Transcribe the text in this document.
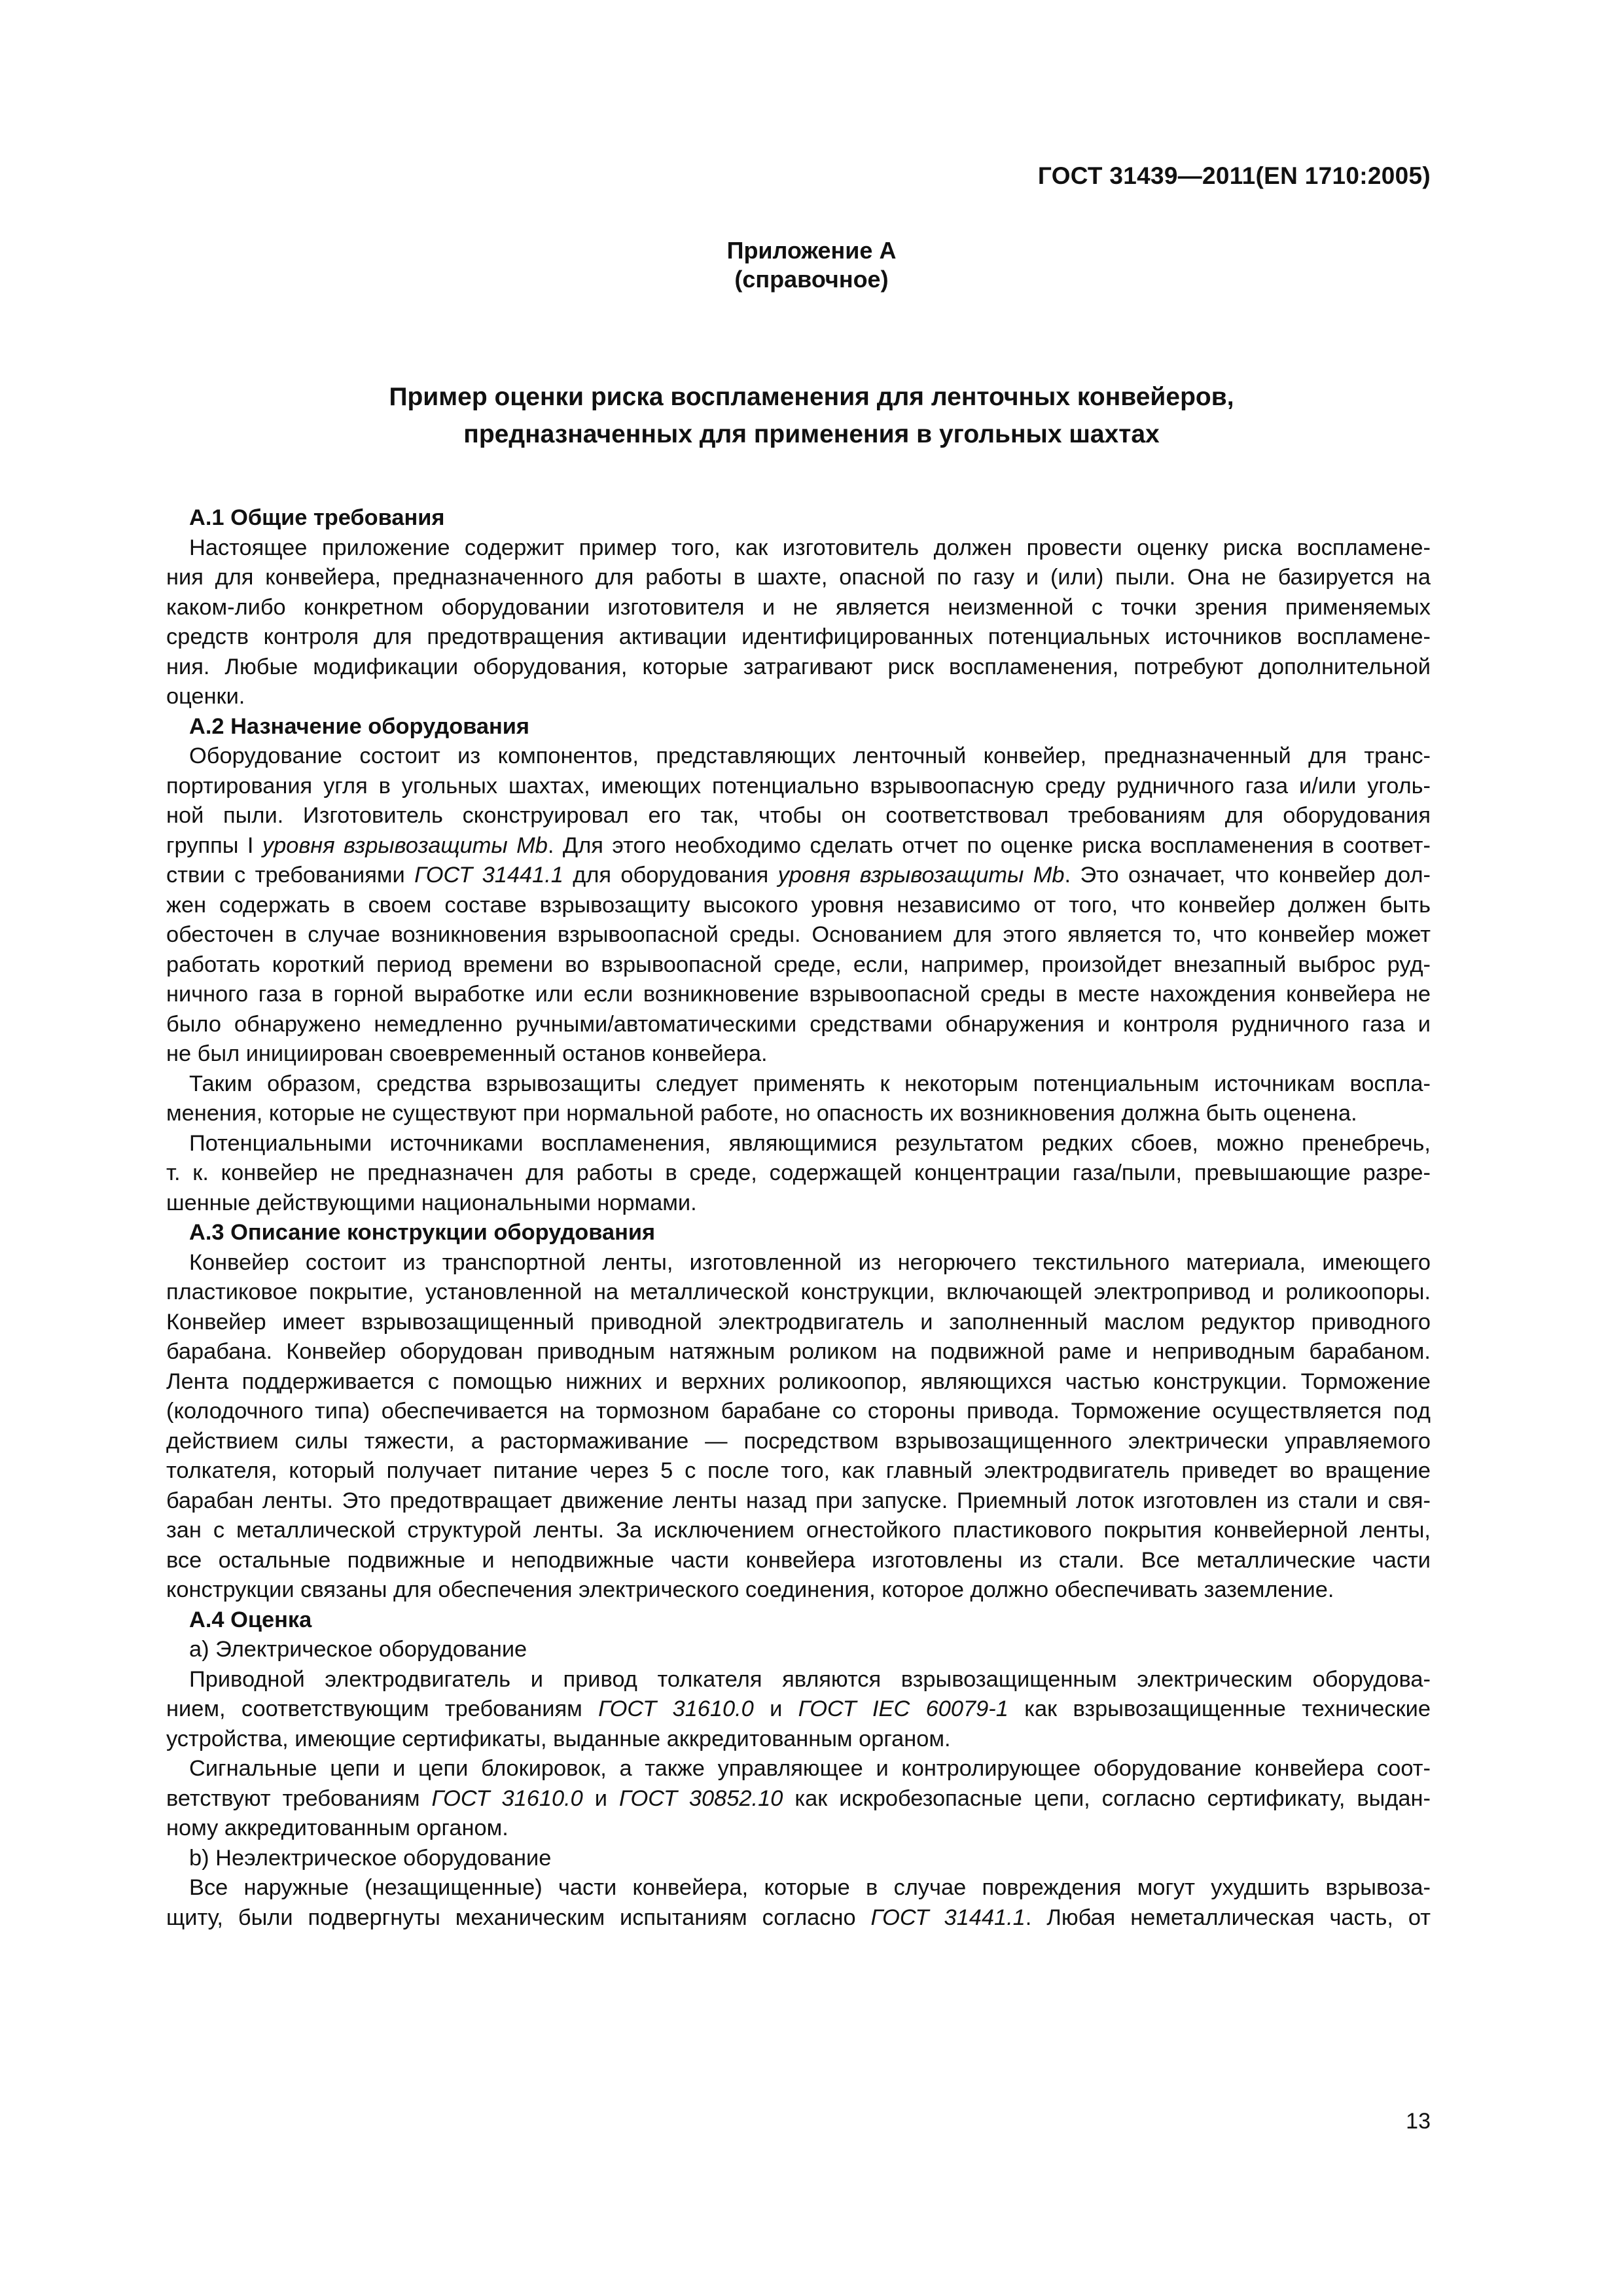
ГОСТ 31439—2011(EN 1710:2005)
Приложение А
(справочное)
Пример оценки риска воспламенения для ленточных конвейеров,
предназначенных для применения в угольных шахтах
А.1 Общие требования
Настоящее приложение содержит пример того, как изготовитель должен провести оценку риска воспламене-
ния для конвейера, предназначенного для работы в шахте, опасной по газу и (или) пыли. Она не базируется на
каком-либо конкретном оборудовании изготовителя и не является неизменной с точки зрения применяемых
средств контроля для предотвращения активации идентифицированных потенциальных источников воспламене-
ния. Любые модификации оборудования, которые затрагивают риск воспламенения, потребуют дополнительной
оценки.
А.2 Назначение оборудования
Оборудование состоит из компонентов, представляющих ленточный конвейер, предназначенный для транс-
портирования угля в угольных шахтах, имеющих потенциально взрывоопасную среду рудничного газа и/или уголь-
ной пыли. Изготовитель сконструировал его так, чтобы он соответствовал требованиям для оборудования
группы I уровня взрывозащиты Mb. Для этого необходимо сделать отчет по оценке риска воспламенения в соответ-
ствии с требованиями ГОСТ 31441.1 для оборудования уровня взрывозащиты Mb. Это означает, что конвейер дол-
жен содержать в своем составе взрывозащиту высокого уровня независимо от того, что конвейер должен быть
обесточен в случае возникновения взрывоопасной среды. Основанием для этого является то, что конвейер может
работать короткий период времени во взрывоопасной среде, если, например, произойдет внезапный выброс руд-
ничного газа в горной выработке или если возникновение взрывоопасной среды в месте нахождения конвейера не
было обнаружено немедленно ручными/автоматическими средствами обнаружения и контроля рудничного газа и
не был инициирован своевременный останов конвейера.
Таким образом, средства взрывозащиты следует применять к некоторым потенциальным источникам воспла-
менения, которые не существуют при нормальной работе, но опасность их возникновения должна быть оценена.
Потенциальными источниками воспламенения, являющимися результатом редких сбоев, можно пренебречь,
т. к. конвейер не предназначен для работы в среде, содержащей концентрации газа/пыли, превышающие разре-
шенные действующими национальными нормами.
А.3 Описание конструкции оборудования
Конвейер состоит из транспортной ленты, изготовленной из негорючего текстильного материала, имеющего
пластиковое покрытие, установленной на металлической конструкции, включающей электропривод и роликоопоры.
Конвейер имеет взрывозащищенный приводной электродвигатель и заполненный маслом редуктор приводного
барабана. Конвейер оборудован приводным натяжным роликом на подвижной раме и неприводным барабаном.
Лента поддерживается с помощью нижних и верхних роликоопор, являющихся частью конструкции. Торможение
(колодочного типа) обеспечивается на тормозном барабане со стороны привода. Торможение осуществляется под
действием силы тяжести, а растормаживание — посредством взрывозащищенного электрически управляемого
толкателя, который получает питание через 5 с после того, как главный электродвигатель приведет во вращение
барабан ленты. Это предотвращает движение ленты назад при запуске. Приемный лоток изготовлен из стали и свя-
зан с металлической структурой ленты. За исключением огнестойкого пластикового покрытия конвейерной ленты,
все остальные подвижные и неподвижные части конвейера изготовлены из стали. Все металлические части
конструкции связаны для обеспечения электрического соединения, которое должно обеспечивать заземление.
А.4 Оценка
a) Электрическое оборудование
Приводной электродвигатель и привод толкателя являются взрывозащищенным электрическим оборудова-
нием, соответствующим требованиям ГОСТ 31610.0 и ГОСТ IEC 60079-1 как взрывозащищенные технические
устройства, имеющие сертификаты, выданные аккредитованным органом.
Сигнальные цепи и цепи блокировок, а также управляющее и контролирующее оборудование конвейера соот-
ветствуют требованиям ГОСТ 31610.0 и ГОСТ 30852.10 как искробезопасные цепи, согласно сертификату, выдан-
ному аккредитованным органом.
b) Неэлектрическое оборудование
Все наружные (незащищенные) части конвейера, которые в случае повреждения могут ухудшить взрывоза-
щиту, были подвергнуты механическим испытаниям согласно ГОСТ 31441.1. Любая неметаллическая часть, от
13
